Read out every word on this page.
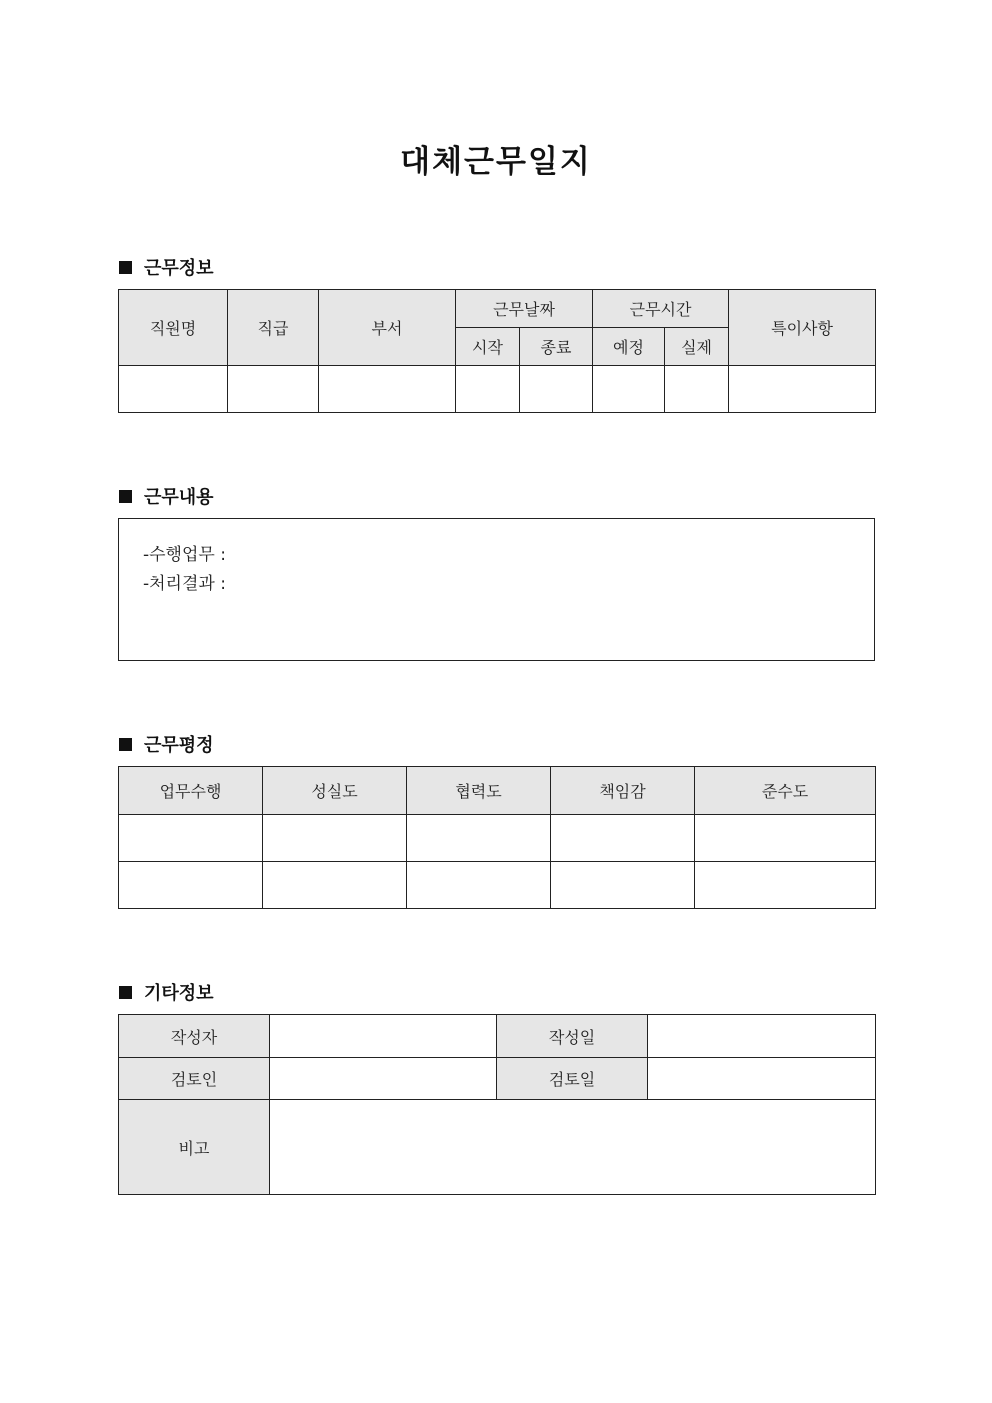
대체근무일지
근무정보
직원명	직급	부서	근무날짜		근무시간		특이사항
			시작	종료	예정	실제	

근무내용
-수행업무 :
-처리결과 :
근무평정
업무수행	성실도	협력도	책임감	준수도

기타정보
작성자		작성일	
검토인		검토일	
비고			
